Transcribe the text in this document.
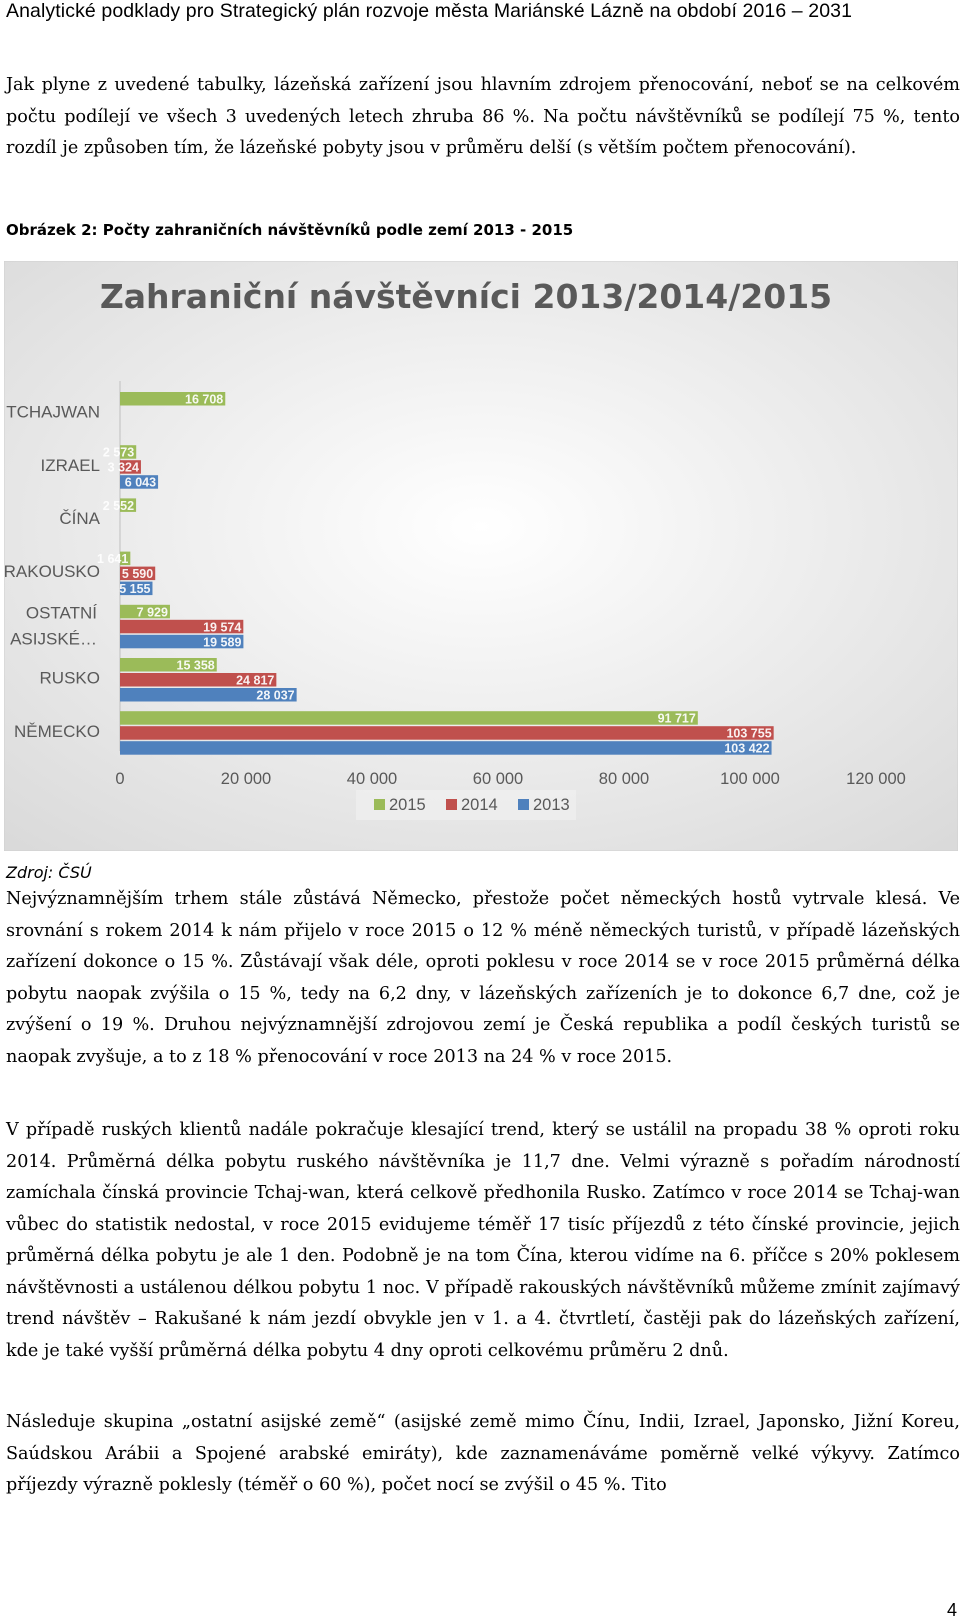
Analytické podklady pro Strategický plán rozvoje města Mariánské Lázně na období 2016 – 2031
Jak plyne z uvedené tabulky, lázeňská zařízení jsou hlavním zdrojem přenocování, neboť se na celkovém počtu podílejí ve všech 3 uvedených letech zhruba 86 %. Na počtu návštěvníků se podílejí 75 %, tento rozdíl je způsoben tím, že lázeňské pobyty jsou v průměru delší (s větším počtem přenocování).
Obrázek 2: Počty zahraničních návštěvníků podle zemí 2013 - 2015
Zahraniční návštěvníci 2013/2014/2015
TCHAJWAN
IZRAEL
ČÍNA
RAKOUSKO
OSTATNÍ
ASIJSKÉ…
RUSKO
NĚMECKO
16 708
2 573
3 324
6 043
2 552
1 641
5 590
5 155
7 929
19 574
19 589
15 358
24 817
28 037
91 717
103 755
103 422
0	20 000	40 000	60 000	80 000	100 000	120 000
2015 2014 2013
Zdroj: ČSÚ
Nejvýznamnějším trhem stále zůstává Německo, přestože počet německých hostů vytrvale klesá. Ve srovnání s rokem 2014 k nám přijelo v roce 2015 o 12 % méně německých turistů, v případě lázeňských zařízení dokonce o 15 %. Zůstávají však déle, oproti poklesu v roce 2014 se v roce 2015 průměrná délka pobytu naopak zvýšila o 15 %, tedy na 6,2 dny, v lázeňských zařízeních je to dokonce 6,7 dne, což je zvýšení o 19 %. Druhou nejvýznamnější zdrojovou zemí je Česká republika a podíl českých turistů se naopak zvyšuje, a to z 18 % přenocování v roce 2013 na 24 % v roce 2015.
V případě ruských klientů nadále pokračuje klesající trend, který se ustálil na propadu 38 % oproti roku 2014. Průměrná délka pobytu ruského návštěvníka je 11,7 dne. Velmi výrazně s pořadím národností zamíchala čínská provincie Tchaj-wan, která celkově předhonila Rusko. Zatímco v roce 2014 se Tchaj-wan vůbec do statistik nedostal, v roce 2015 evidujeme téměř 17 tisíc příjezdů z této čínské provincie, jejich průměrná délka pobytu je ale 1 den. Podobně je na tom Čína, kterou vidíme na 6. příčce s 20% poklesem návštěvnosti a ustálenou délkou pobytu 1 noc. V případě rakouských návštěvníků můžeme zmínit zajímavý trend návštěv – Rakušané k nám jezdí obvykle jen v 1. a 4. čtvrtletí, častěji pak do lázeňských zařízení, kde je také vyšší průměrná délka pobytu 4 dny oproti celkovému průměru 2 dnů.
Následuje skupina „ostatní asijské země“ (asijské země mimo Čínu, Indii, Izrael, Japonsko, Jižní Koreu, Saúdskou Arábii a Spojené arabské emiráty), kde zaznamenáváme poměrně velké výkyvy. Zatímco příjezdy výrazně poklesly (téměř o 60 %), počet nocí se zvýšil o 45 %. Tito
4
